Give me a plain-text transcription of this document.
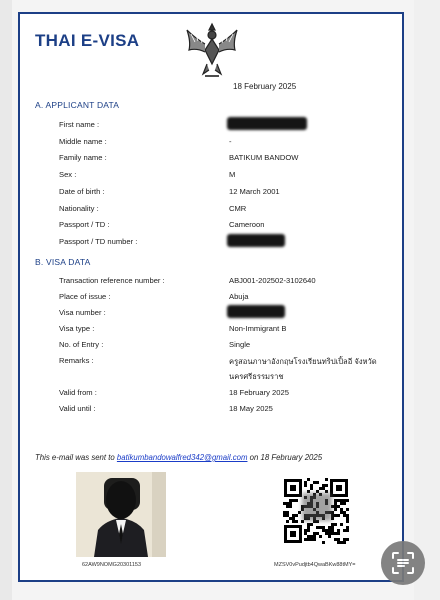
THAI E-VISA
18 February 2025
A. APPLICANT DATA
First name :
Middle name :	-
Family name :	BATIKUM BANDOW
Sex :	M
Date of birth :	12 March 2001
Nationality :	CMR
Passport / TD :	Cameroon
Passport / TD number :
B. VISA DATA
Transaction reference number :	ABJ001-202502-3102640
Place of issue :	Abuja
Visa number :
Visa type :	Non-Immigrant B
No. of Entry :	Single
Remarks :	ครูสอนภาษาอังกฤษโรงเรียนทริปเปิ้ลอี จังหวัดนครศรีธรรมราช
Valid from :	18 February 2025
Valid until :	18 May 2025
This e-mail was sent to batikumbandowalfred342@gmail.com on 18 February 2025
62AW9NOMG20301153	MZSV0vPudjtb4QwaBKw88tMY=
